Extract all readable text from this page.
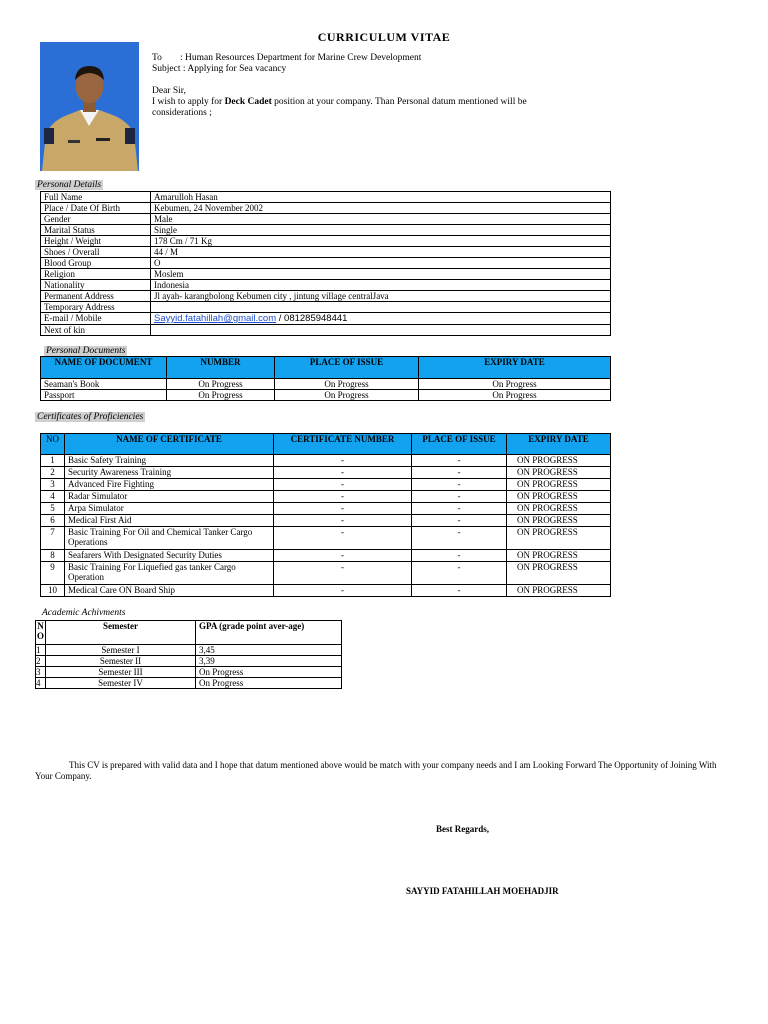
CURRICULUM VITAE
To : Human Resources Department for Marine Crew Development
Subject : Applying for Sea vacancy
Dear Sir,
I wish to apply for Deck Cadet position at your company. Than Personal datum mentioned will be
considerations ;
Personal Details
Full Name	Amarulloh Hasan
Place / Date Of Birth	Kebumen, 24 November 2002
Gender	Male
Marital Status	Single
Height / Weight	178 Cm / 71 Kg
Shoes / Overall	44 / M
Blood Group	O
Religion	Moslem
Nationality	Indonesia
Permanent Address	Jl ayah- karangbolong Kebumen city , jintung village centralJava
Temporary Address	
E-mail / Mobile	Sayyid.fatahillah@gmail.com / 081285948441
Next of kin	
Personal Documents
NAME OF DOCUMENT	NUMBER	PLACE OF ISSUE	EXPIRY DATE
Seaman's Book	On Progress	On Progress	On Progress
Passport	On Progress	On Progress	On Progress
Certificates of Proficiencies
NO	NAME OF CERTIFICATE	CERTIFICATE NUMBER	PLACE OF ISSUE	EXPIRY DATE
1	Basic Safety Training	-	-	ON PROGRESS
2	Security Awareness Training	-	-	ON PROGRESS
3	Advanced Fire Fighting	-	-	ON PROGRESS
4	Radar Simulator	-	-	ON PROGRESS
5	Arpa Simulator	-	-	ON PROGRESS
6	Medical First Aid	-	-	ON PROGRESS
7	Basic Training For Oil and Chemical Tanker Cargo Operations	-	-	ON PROGRESS
8	Seafarers With Designated Security Duties	-	-	ON PROGRESS
9	Basic Training For Liquefied gas tanker Cargo Operation	-	-	ON PROGRESS
10	Medical Care ON Board Ship	-	-	ON PROGRESS
Academic Achivments
N O	Semester	GPA (grade point aver-age)
1	Semester I	3,45
2	Semester II	3,39
3	Semester III	On Progress
4	Semester IV	On Progress
This CV is prepared with valid data and I hope that datum mentioned above would be match with your company needs and I am Looking Forward The Opportunity of Joining With Your Company.
Best Regards,
SAYYID FATAHILLAH MOEHADJIR
